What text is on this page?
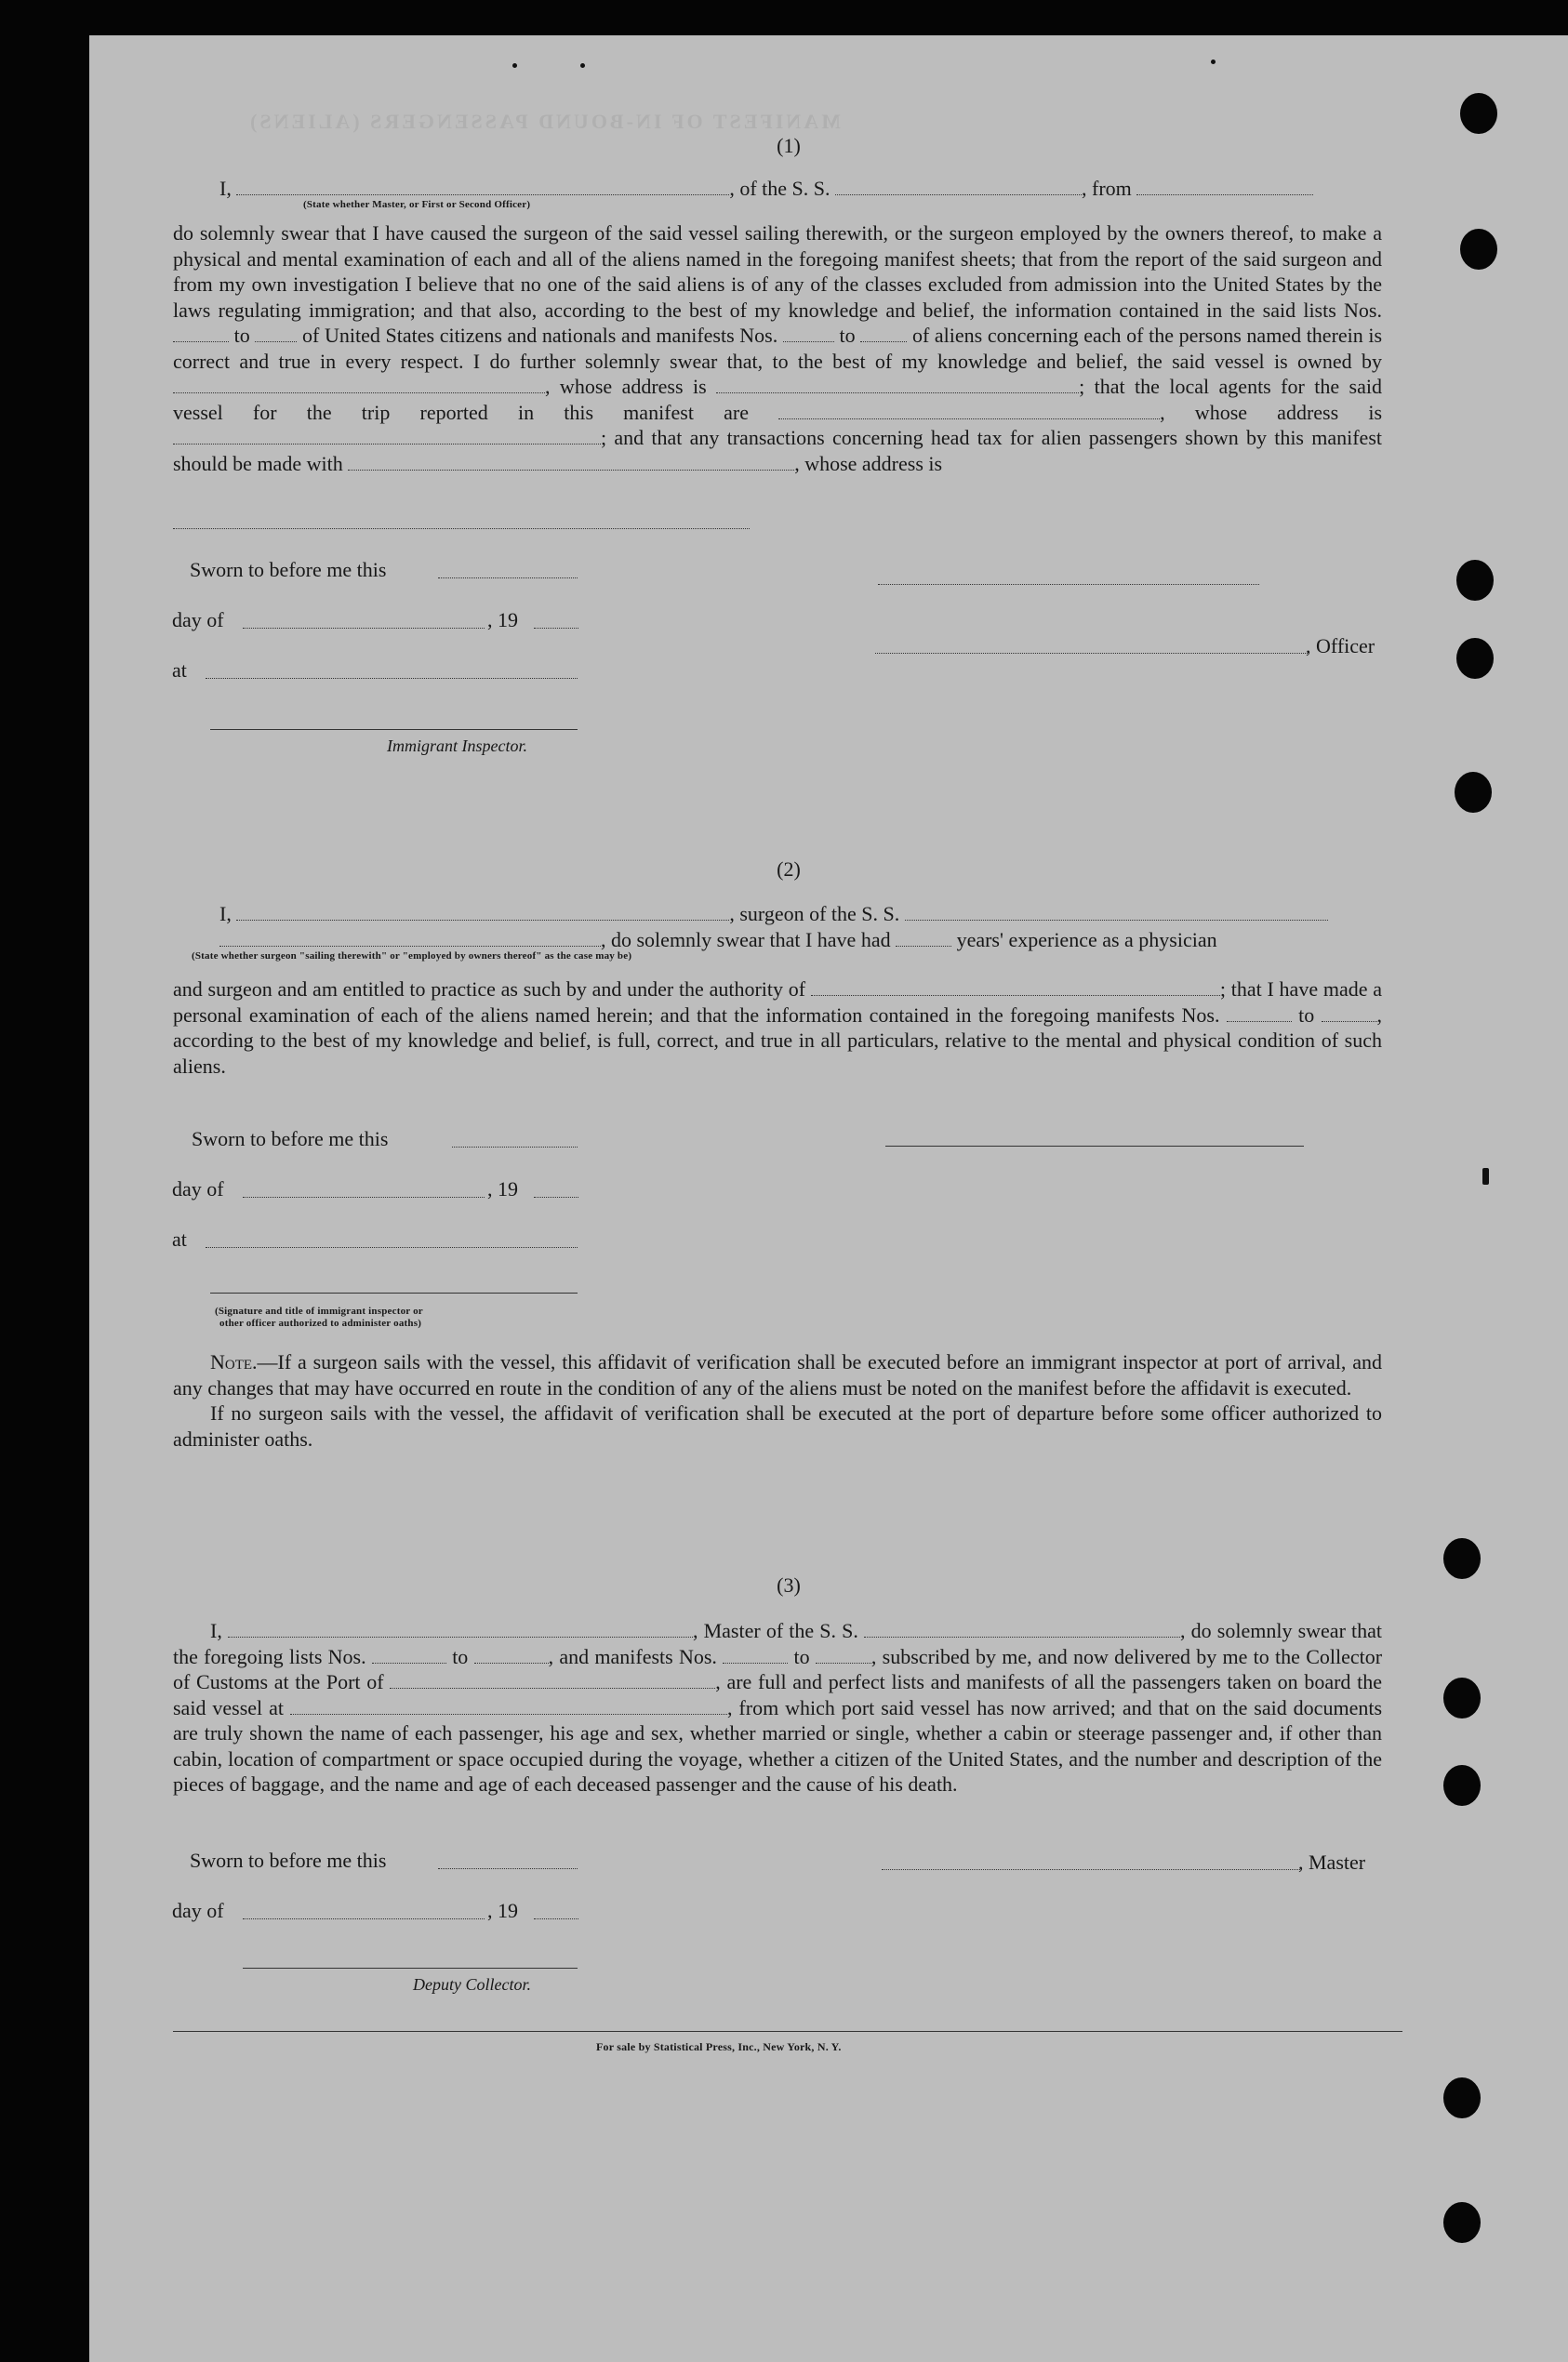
MANIFEST OF IN-BOUND PASSENGERS (ALIENS)
(1)
I,	, of the S. S.	, from
(State whether Master, or First or Second Officer)

do solemnly swear that I have caused the surgeon of the said vessel sailing therewith, or the surgeon employed by the owners thereof, to make a physical and mental examination of each and all of the aliens named in the foregoing manifest sheets; that from the report of the said surgeon and from my own investigation I believe that no one of the said aliens is of any of the classes excluded from admission into the United States by the laws regulating immigration; and that also, according to the best of my knowledge and belief, the information contained in the said lists Nos.  to	of United States citizens and nationals and manifests Nos.	to	of aliens concerning each of the persons named therein is correct and true in every respect. I do further solemnly swear that, to the best of my knowledge and belief, the said vessel is owned by , whose address is	; that the local agents for the said vessel for the trip reported in this manifest are	, whose address is ; and that any transactions concerning head tax for alien passengers shown by this manifest should be made with	, whose address is

Sworn to before me this
day of	, 19
, Officer
at
Immigrant Inspector.
(2)
I,	, surgeon of the S. S.
, do solemnly swear that I have had	years' experience as a physician
(State whether surgeon "sailing therewith" or "employed by owners thereof" as the case may be)

and surgeon and am entitled to practice as such by and under the authority of	; that I have made a personal examination of each of the aliens named herein; and that the information contained in the foregoing manifests Nos.	to	, according to the best of my knowledge and belief, is full, correct, and true in all particulars, relative to the mental and physical condition of such aliens.

Sworn to before me this
day of	, 19
at
(Signature and title of immigrant inspector or
other officer authorized to administer oaths)

Note.—If a surgeon sails with the vessel, this affidavit of verification shall be executed before an immigrant inspector at port of arrival, and any changes that may have occurred en route in the condition of any of the aliens must be noted on the manifest before the affidavit is executed.

If no surgeon sails with the vessel, the affidavit of verification shall be executed at the port of departure before some officer authorized to administer oaths.

(3)

I,	, Master of the S. S.	, do solemnly swear that the foregoing lists Nos.	to	, and manifests Nos.	to	, subscribed by me, and now delivered by me to the Collector of Customs at the Port of	, are full and perfect lists and manifests of all the passengers taken on board the said vessel at	, from which port said vessel has now arrived; and that on the said documents are truly shown the name of each passenger, his age and sex, whether married or single, whether a cabin or steerage passenger and, if other than cabin, location of compartment or space occupied during the voyage, whether a citizen of the United States, and the number and description of the pieces of baggage, and the name and age of each deceased passenger and the cause of his death.

Sworn to before me this	, Master
day of	, 19
Deputy Collector.
For sale by Statistical Press, Inc., New York, N. Y.
